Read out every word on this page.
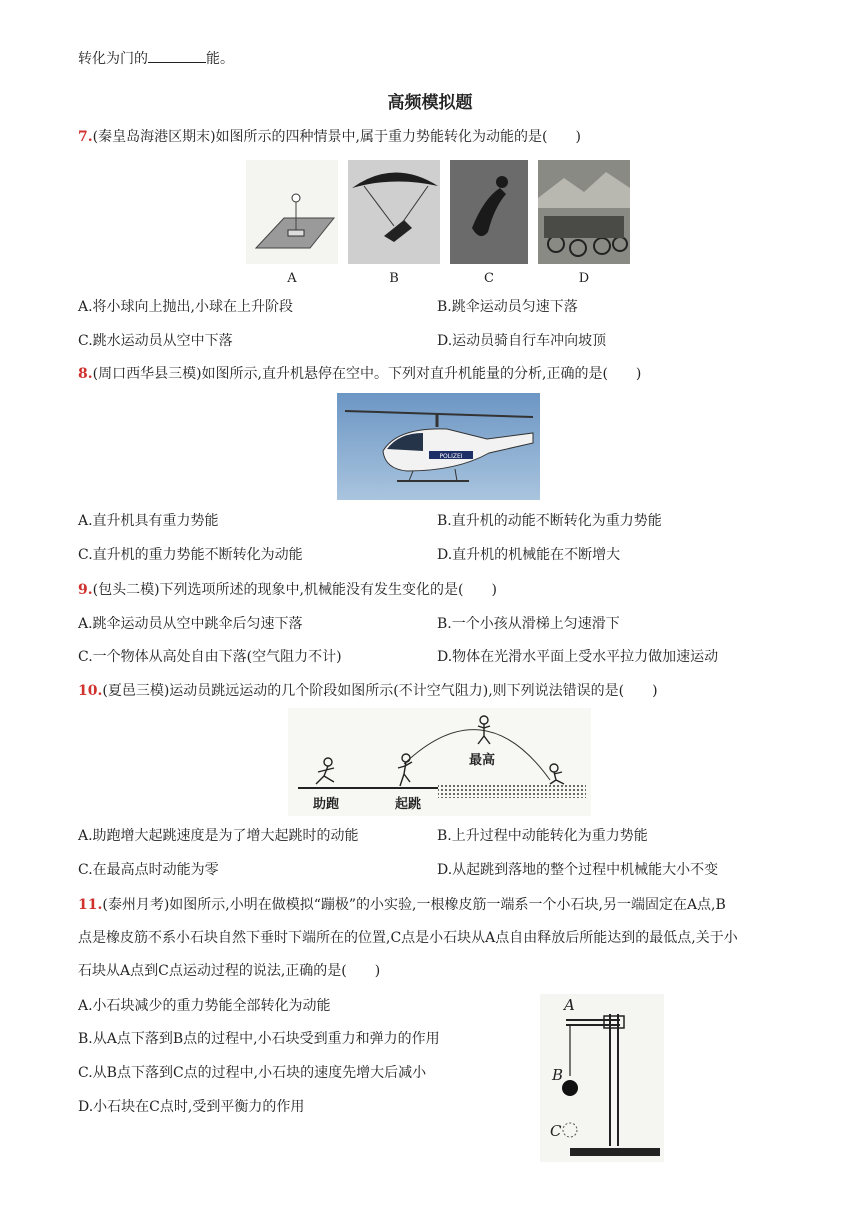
转化为门的	能。
高频模拟题
7.(秦皇岛海港区期末)如图所示的四种情景中,属于重力势能转化为动能的是(　　)
A	B	C	D
A.将小球向上抛出,小球在上升阶段	B.跳伞运动员匀速下落
C.跳水运动员从空中下落	D.运动员骑自行车冲向坡顶
8.(周口西华县三模)如图所示,直升机悬停在空中。下列对直升机能量的分析,正确的是(　　)
POLIZEI
A.直升机具有重力势能	B.直升机的动能不断转化为重力势能
C.直升机的重力势能不断转化为动能	D.直升机的机械能在不断增大
9.(包头二模)下列选项所述的现象中,机械能没有发生变化的是(　　)
A.跳伞运动员从空中跳伞后匀速下落	B.一个小孩从滑梯上匀速滑下
C.一个物体从高处自由下落(空气阻力不计)	D.物体在光滑水平面上受水平拉力做加速运动
10.(夏邑三模)运动员跳远运动的几个阶段如图所示(不计空气阻力),则下列说法错误的是(　　)
助跑	起跳
最高
A.助跑增大起跳速度是为了增大起跳时的动能	B.上升过程中动能转化为重力势能
C.在最高点时动能为零	D.从起跳到落地的整个过程中机械能大小不变
11.(泰州月考)如图所示,小明在做模拟“蹦极”的小实验,一根橡皮筋一端系一个小石块,另一端固定在A点,B
点是橡皮筋不系小石块自然下垂时下端所在的位置,C点是小石块从A点自由释放后所能达到的最低点,关于小
石块从A点到C点运动过程的说法,正确的是(　　)
A.小石块减少的重力势能全部转化为动能
B.从A点下落到B点的过程中,小石块受到重力和弹力的作用
C.从B点下落到C点的过程中,小石块的速度先增大后减小
D.小石块在C点时,受到平衡力的作用
A
B
C
